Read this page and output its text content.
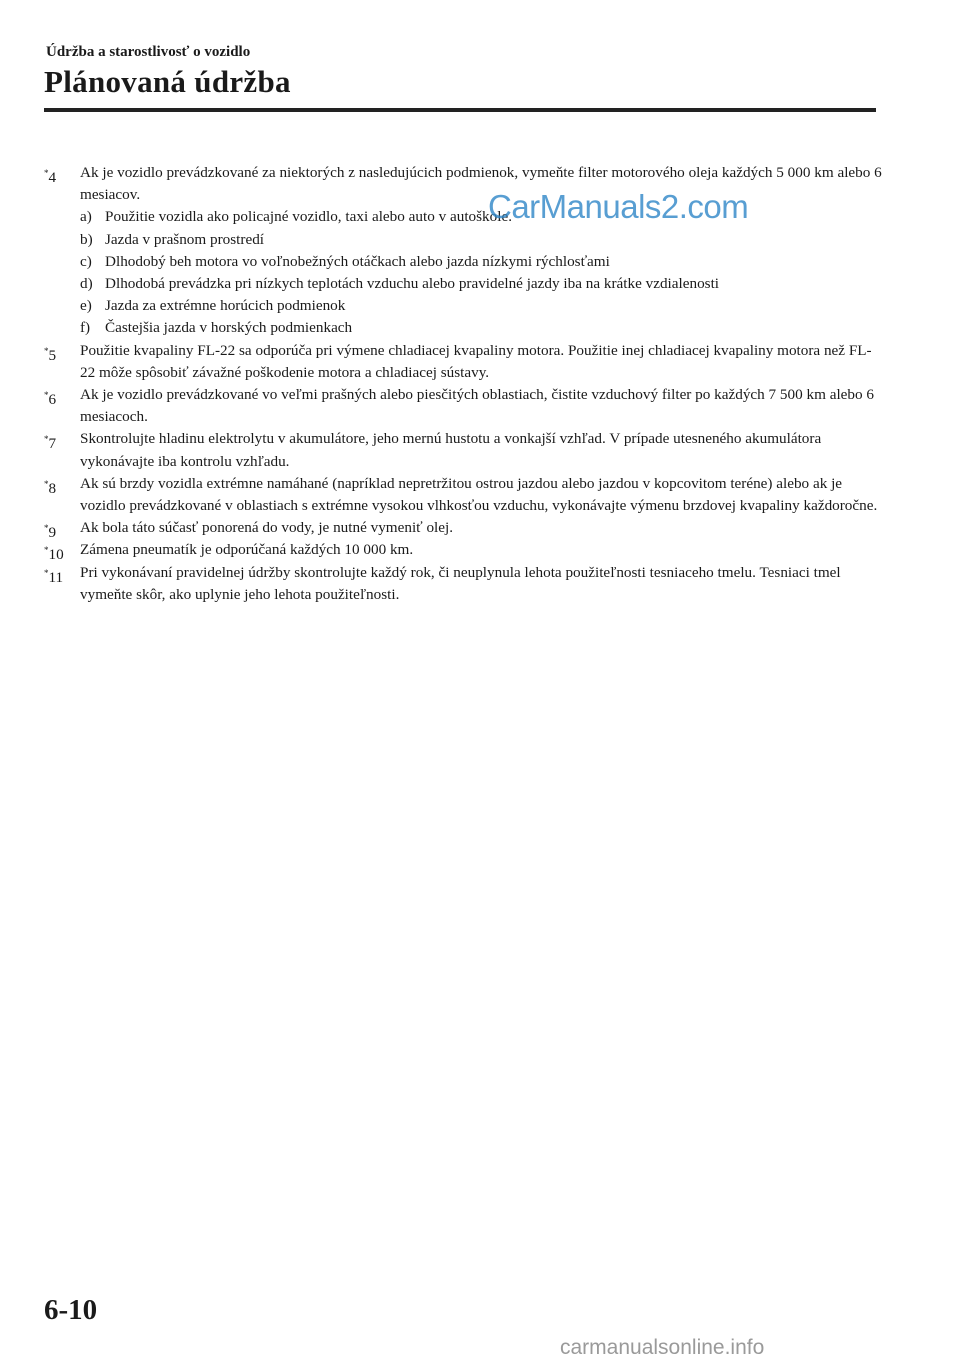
Údržba a starostlivosť o vozidlo
Plánovaná údržba
*4 Ak je vozidlo prevádzkované za niektorých z nasledujúcich podmienok, vymeňte filter motorového oleja každých 5 000 km alebo 6 mesiacov.
a) Použitie vozidla ako policajné vozidlo, taxi alebo auto v autoškole.
b) Jazda v prašnom prostredí
c) Dlhodobý beh motora vo voľnobežných otáčkach alebo jazda nízkymi rýchlosťami
d) Dlhodobá prevádzka pri nízkych teplotách vzduchu alebo pravidelné jazdy iba na krátke vzdialenosti
e) Jazda za extrémne horúcich podmienok
f) Častejšia jazda v horských podmienkach
*5 Použitie kvapaliny FL-22 sa odporúča pri výmene chladiacej kvapaliny motora. Použitie inej chladiacej kvapaliny motora než FL-22 môže spôsobiť závažné poškodenie motora a chladiacej sústavy.
*6 Ak je vozidlo prevádzkované vo veľmi prašných alebo piesčitých oblastiach, čistite vzduchový filter po každých 7 500 km alebo 6 mesiacoch.
*7 Skontrolujte hladinu elektrolytu v akumulátore, jeho mernú hustotu a vonkajší vzhľad. V prípade utesneného akumulátora vykonávajte iba kontrolu vzhľadu.
*8 Ak sú brzdy vozidla extrémne namáhané (napríklad nepretržitou ostrou jazdou alebo jazdou v kopcovitom teréne) alebo ak je vozidlo prevádzkované v oblastiach s extrémne vysokou vlhkosťou vzduchu, vykonávajte výmenu brzdovej kvapaliny každoročne.
*9 Ak bola táto súčasť ponorená do vody, je nutné vymeniť olej.
*10 Zámena pneumatík je odporúčaná každých 10 000 km.
*11 Pri vykonávaní pravidelnej údržby skontrolujte každý rok, či neuplynula lehota použiteľnosti tesniaceho tmelu. Tesniaci tmel vymeňte skôr, ako uplynie jeho lehota použiteľnosti.
CarManuals2.com
6-10
carmanualsonline.info
